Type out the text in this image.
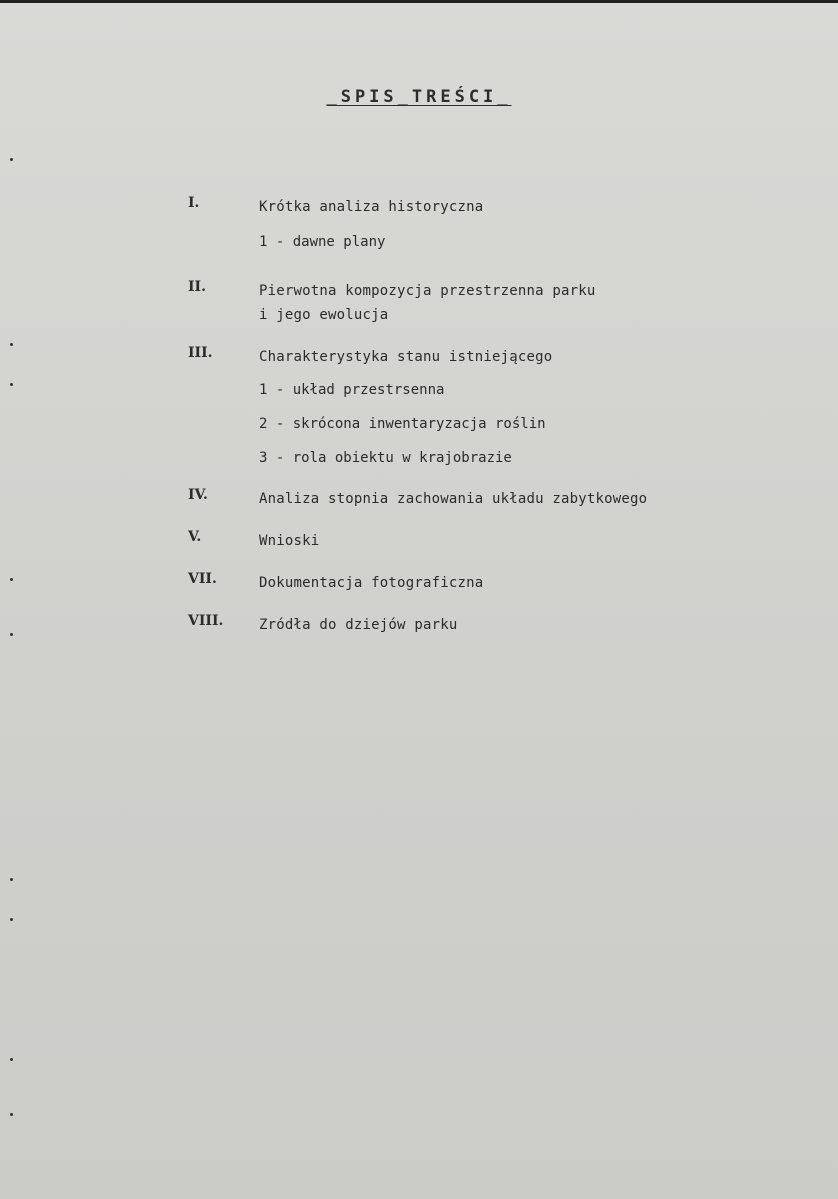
_SPIS_TREŚCI_
I.	Krótka analiza historyczna
1 - dawne plany
II.	Pierwotna kompozycja przestrzenna parku
i jego ewolucja
III.	Charakterystyka stanu istniejącego
1 - układ przestrsenna
2 - skrócona inwentaryzacja roślin
3 - rola obiektu w krajobrazie
IV.	Analiza stopnia zachowania układu zabytkowego
V.	Wnioski
VII.	Dokumentacja fotograficzna
VIII.	Zródła do dziejów parku
